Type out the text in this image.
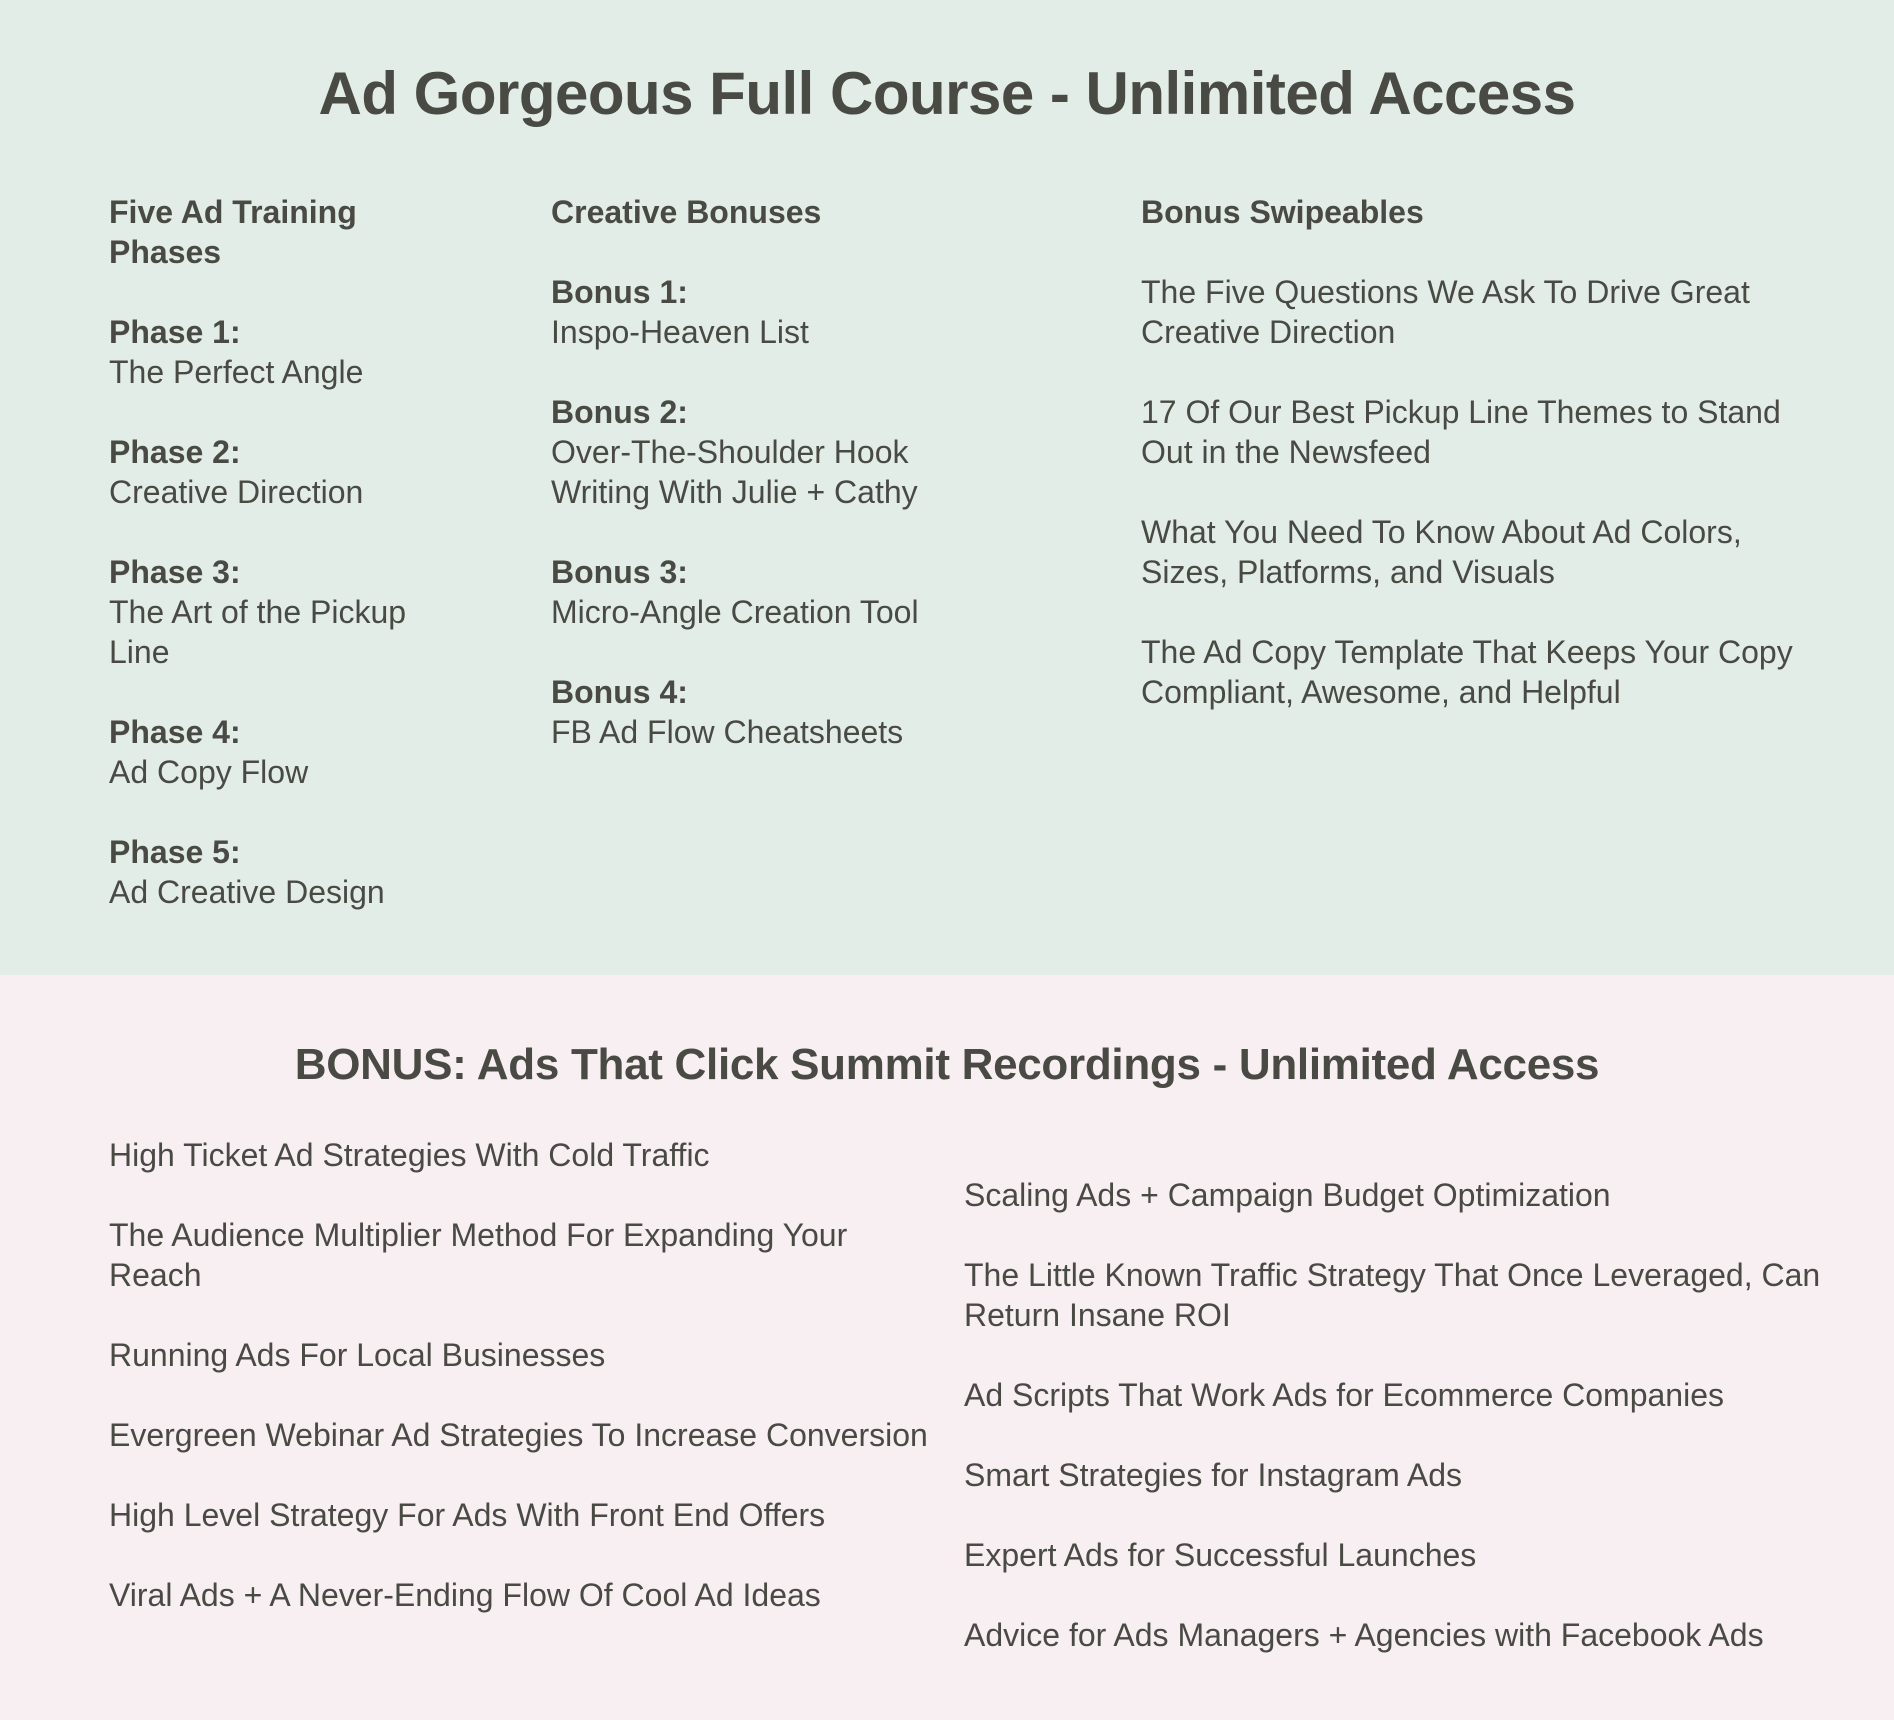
Ad Gorgeous Full Course - Unlimited Access
Five Ad Training Phases
Phase 1:
The Perfect Angle
Phase 2:
Creative Direction
Phase 3:
The Art of the Pickup Line
Phase 4:
Ad Copy Flow
Phase 5:
Ad Creative Design
Creative Bonuses
Bonus 1:
Inspo-Heaven List
Bonus 2:
Over-The-Shoulder Hook Writing With Julie + Cathy
Bonus 3:
Micro-Angle Creation Tool
Bonus 4:
FB Ad Flow Cheatsheets
Bonus Swipeables
The Five Questions We Ask To Drive Great Creative Direction
17 Of Our Best Pickup Line Themes to Stand Out in the Newsfeed
What You Need To Know About Ad Colors, Sizes, Platforms, and Visuals
The Ad Copy Template That Keeps Your Copy Compliant, Awesome, and Helpful
BONUS: Ads That Click Summit Recordings - Unlimited Access
High Ticket Ad Strategies With Cold Traffic
The Audience Multiplier Method For Expanding Your Reach
Running Ads For Local Businesses
Evergreen Webinar Ad Strategies To Increase Conversion
High Level Strategy For Ads With Front End Offers
Viral Ads + A Never-Ending Flow Of Cool Ad Ideas
Scaling Ads + Campaign Budget Optimization
The Little Known Traffic Strategy That Once Leveraged, Can Return Insane ROI
Ad Scripts That Work Ads for Ecommerce Companies
Smart Strategies for Instagram Ads
Expert Ads for Successful Launches
Advice for Ads Managers + Agencies with Facebook Ads
